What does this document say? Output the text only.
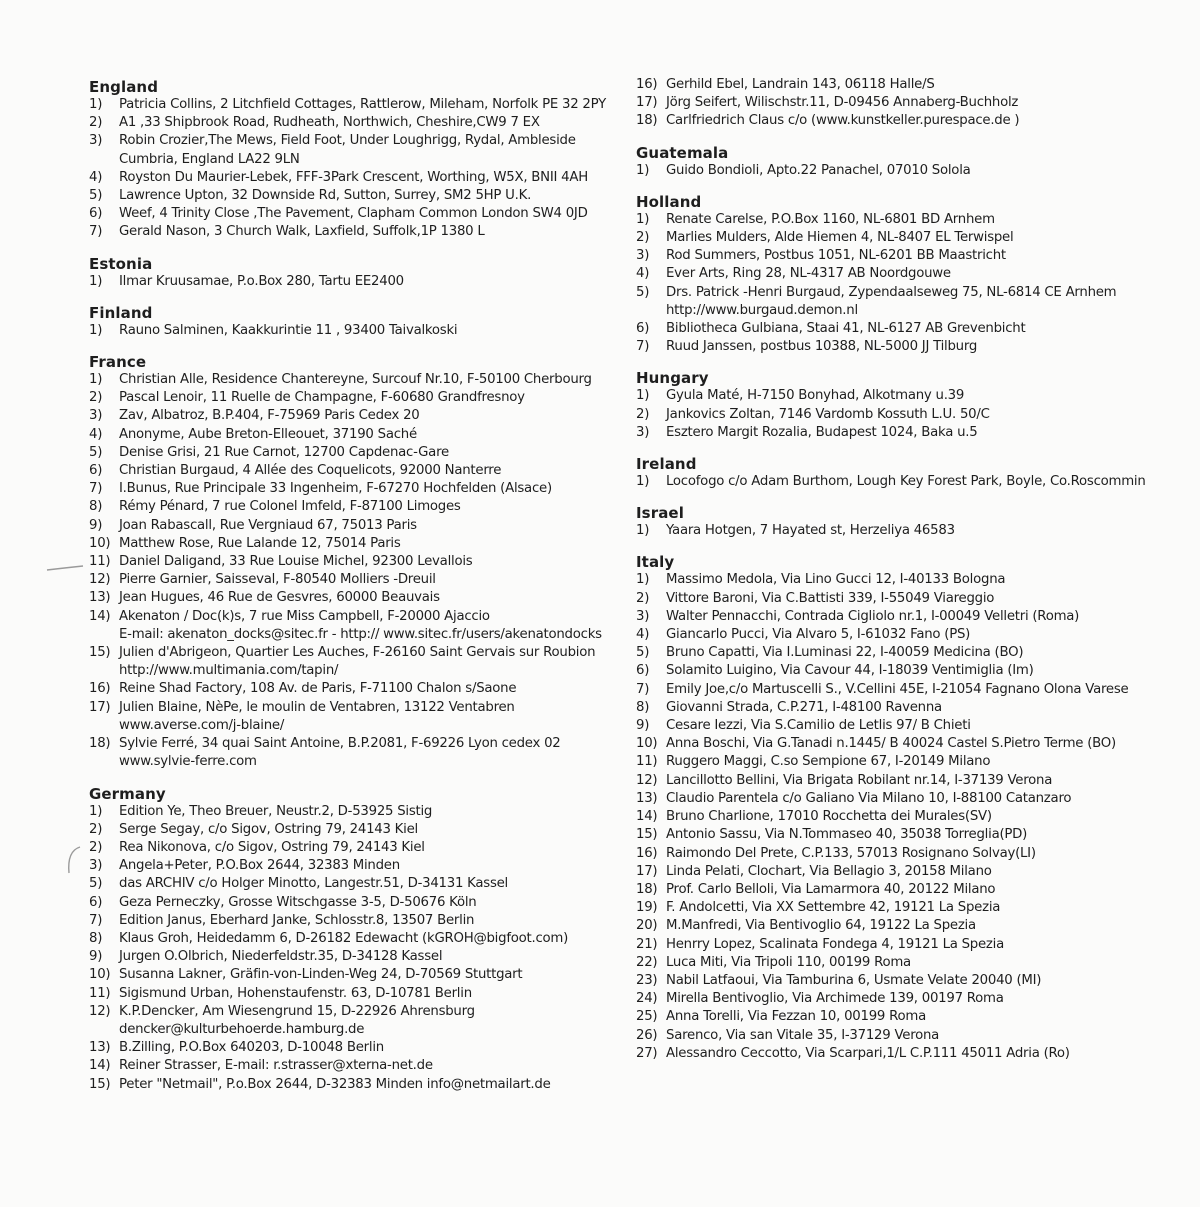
England
1) Patricia Collins, 2 Litchfield Cottages, Rattlerow, Mileham, Norfolk PE 32 2PY
2) A1 ,33 Shipbrook Road, Rudheath, Northwich, Cheshire,CW9 7 EX
3) Robin Crozier,The Mews, Field Foot, Under Loughrigg, Rydal, Ambleside
Cumbria, England LA22 9LN
4) Royston Du Maurier-Lebek, FFF-3Park Crescent, Worthing, W5X, BNII 4AH
5) Lawrence Upton, 32 Downside Rd, Sutton, Surrey, SM2 5HP U.K.
6) Weef, 4 Trinity Close ,The Pavement, Clapham Common London SW4 0JD
7) Gerald Nason, 3 Church Walk, Laxfield, Suffolk,1P 1380 L
Estonia
1) Ilmar Kruusamae, P.o.Box 280, Tartu EE2400
Finland
1) Rauno Salminen, Kaakkurintie 11 , 93400 Taivalkoski
France
1) Christian Alle, Residence Chantereyne, Surcouf Nr.10, F-50100 Cherbourg
2) Pascal Lenoir, 11 Ruelle de Champagne, F-60680 Grandfresnoy
3) Zav, Albatroz, B.P.404, F-75969 Paris Cedex 20
4) Anonyme, Aube Breton-Elleouet, 37190 Saché
5) Denise Grisi, 21 Rue Carnot, 12700 Capdenac-Gare
6) Christian Burgaud, 4 Allée des Coquelicots, 92000 Nanterre
7) I.Bunus, Rue Principale 33 Ingenheim, F-67270 Hochfelden (Alsace)
8) Rémy Pénard, 7 rue Colonel Imfeld, F-87100 Limoges
9) Joan Rabascall, Rue Vergniaud 67, 75013 Paris
10) Matthew Rose, Rue Lalande 12, 75014 Paris
11) Daniel Daligand, 33 Rue Louise Michel, 92300 Levallois
12) Pierre Garnier, Saisseval, F-80540 Molliers -Dreuil
13) Jean Hugues, 46 Rue de Gesvres, 60000 Beauvais
14) Akenaton / Doc(k)s, 7 rue Miss Campbell, F-20000 Ajaccio
E-mail: akenaton_docks@sitec.fr - http:// www.sitec.fr/users/akenatondocks
15) Julien d'Abrigeon, Quartier Les Auches, F-26160 Saint Gervais sur Roubion
http://www.multimania.com/tapin/
16) Reine Shad Factory, 108 Av. de Paris, F-71100 Chalon s/Saone
17) Julien Blaine, NèPe, le moulin de Ventabren, 13122 Ventabren
www.averse.com/j-blaine/
18) Sylvie Ferré, 34 quai Saint Antoine, B.P.2081, F-69226 Lyon cedex 02
www.sylvie-ferre.com
Germany
1) Edition Ye, Theo Breuer, Neustr.2, D-53925 Sistig
2) Serge Segay, c/o Sigov, Ostring 79, 24143 Kiel
2) Rea Nikonova, c/o Sigov, Ostring 79, 24143 Kiel
3) Angela+Peter, P.O.Box 2644, 32383 Minden
5) das ARCHIV c/o Holger Minotto, Langestr.51, D-34131 Kassel
6) Geza Perneczky, Grosse Witschgasse 3-5, D-50676 Köln
7) Edition Janus, Eberhard Janke, Schlosstr.8, 13507 Berlin
8) Klaus Groh, Heidedamm 6, D-26182 Edewacht (kGROH@bigfoot.com)
9) Jurgen O.Olbrich, Niederfeldstr.35, D-34128 Kassel
10) Susanna Lakner, Gräfin-von-Linden-Weg 24, D-70569 Stuttgart
11) Sigismund Urban, Hohenstaufenstr. 63, D-10781 Berlin
12) K.P.Dencker, Am Wiesengrund 15, D-22926 Ahrensburg
dencker@kulturbehoerde.hamburg.de
13) B.Zilling, P.O.Box 640203, D-10048 Berlin
14) Reiner Strasser, E-mail: r.strasser@xterna-net.de
15) Peter "Netmail", P.o.Box 2644, D-32383 Minden info@netmailart.de
16) Gerhild Ebel, Landrain 143, 06118 Halle/S
17) Jörg Seifert, Wilischstr.11, D-09456 Annaberg-Buchholz
18) Carlfriedrich Claus c/o (www.kunstkeller.purespace.de )
Guatemala
1) Guido Bondioli, Apto.22 Panachel, 07010 Solola
Holland
1) Renate Carelse, P.O.Box 1160, NL-6801 BD Arnhem
2) Marlies Mulders, Alde Hiemen 4, NL-8407 EL Terwispel
3) Rod Summers, Postbus 1051, NL-6201 BB Maastricht
4) Ever Arts, Ring 28, NL-4317 AB Noordgouwe
5) Drs. Patrick -Henri Burgaud, Zypendaalseweg 75, NL-6814 CE Arnhem
http://www.burgaud.demon.nl
6) Bibliotheca Gulbiana, Staai 41, NL-6127 AB Grevenbicht
7) Ruud Janssen, postbus 10388, NL-5000 JJ Tilburg
Hungary
1) Gyula Maté, H-7150 Bonyhad, Alkotmany u.39
2) Jankovics Zoltan, 7146 Vardomb Kossuth L.U. 50/C
3) Esztero Margit Rozalia, Budapest 1024, Baka u.5
Ireland
1) Locofogo c/o Adam Burthom, Lough Key Forest Park, Boyle, Co.Roscommin
Israel
1) Yaara Hotgen, 7 Hayated st, Herzeliya 46583
Italy
1) Massimo Medola, Via Lino Gucci 12, I-40133 Bologna
2) Vittore Baroni, Via C.Battisti 339, I-55049 Viareggio
3) Walter Pennacchi, Contrada Cigliolo nr.1, I-00049 Velletri (Roma)
4) Giancarlo Pucci, Via Alvaro 5, I-61032 Fano (PS)
5) Bruno Capatti, Via I.Luminasi 22, I-40059 Medicina (BO)
6) Solamito Luigino, Via Cavour 44, I-18039 Ventimiglia (Im)
7) Emily Joe,c/o Martuscelli S., V.Cellini 45E, I-21054 Fagnano Olona Varese
8) Giovanni Strada, C.P.271, I-48100 Ravenna
9) Cesare Iezzi, Via S.Camilio de Letlis 97/ B Chieti
10) Anna Boschi, Via G.Tanadi n.1445/ B 40024 Castel S.Pietro Terme (BO)
11) Ruggero Maggi, C.so Sempione 67, I-20149 Milano
12) Lancillotto Bellini, Via Brigata Robilant nr.14, I-37139 Verona
13) Claudio Parentela c/o Galiano Via Milano 10, I-88100 Catanzaro
14) Bruno Charlione, 17010 Rocchetta dei Murales(SV)
15) Antonio Sassu, Via N.Tommaseo 40, 35038 Torreglia(PD)
16) Raimondo Del Prete, C.P.133, 57013 Rosignano Solvay(LI)
17) Linda Pelati, Clochart, Via Bellagio 3, 20158 Milano
18) Prof. Carlo Belloli, Via Lamarmora 40, 20122 Milano
19) F. Andolcetti, Via XX Settembre 42, 19121 La Spezia
20) M.Manfredi, Via Bentivoglio 64, 19122 La Spezia
21) Henrry Lopez, Scalinata Fondega 4, 19121 La Spezia
22) Luca Miti, Via Tripoli 110, 00199 Roma
23) Nabil Latfaoui, Via Tamburina 6, Usmate Velate 20040 (MI)
24) Mirella Bentivoglio, Via Archimede 139, 00197 Roma
25) Anna Torelli, Via Fezzan 10, 00199 Roma
26) Sarenco, Via san Vitale 35, I-37129 Verona
27) Alessandro Ceccotto, Via Scarpari,1/L C.P.111 45011 Adria (Ro)
